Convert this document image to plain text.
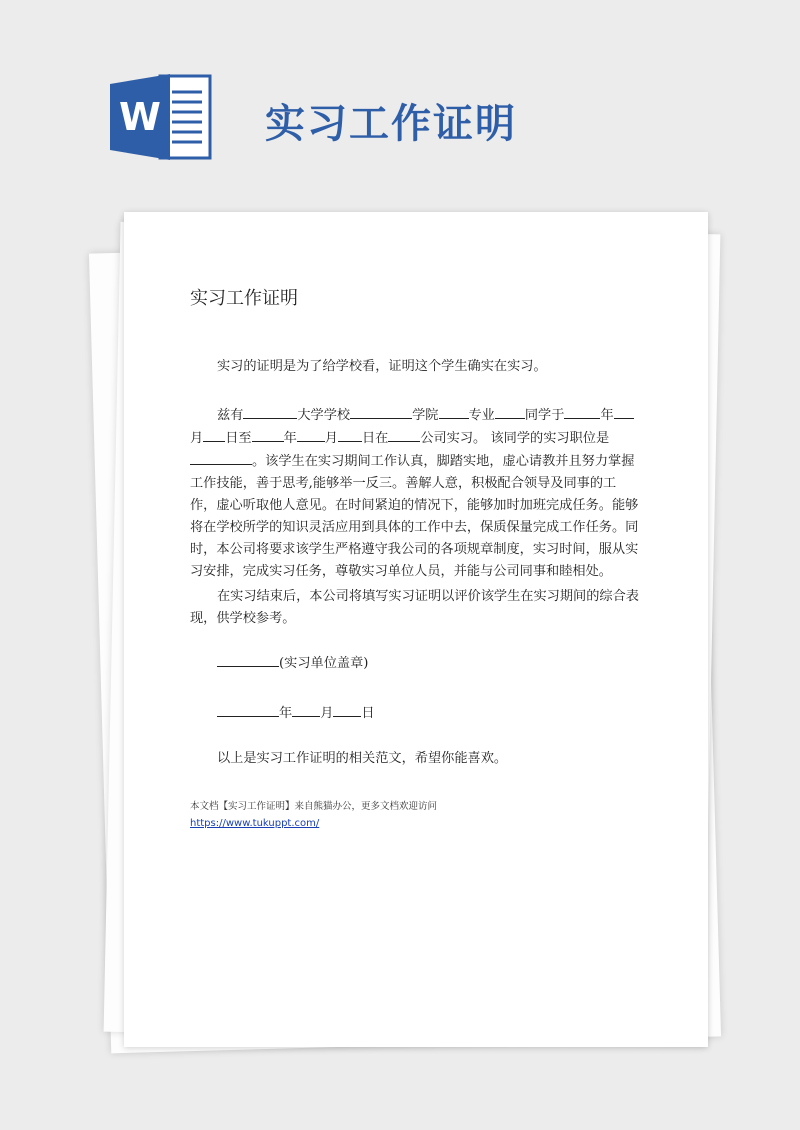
W	实习工作证明
实习工作证明
实习的证明是为了给学校看，证明这个学生确实在实习。
兹有	大学学校	学院 专业 同学于	年月 日至 年 月 日在 公司实习。 该同学的实习职位是。该学生在实习期间工作认真，脚踏实地，虚心请教并且努力掌握工作技能，善于思考,能够举一反三。善解人意，积极配合领导及同事的工作，虚心听取他人意见。在时间紧迫的情况下，能够加时加班完成任务。能够将在学校所学的知识灵活应用到具体的工作中去，保质保量完成工作任务。同时，本公司将要求该学生严格遵守我公司的各项规章制度，实习时间，服从实习安排，完成实习任务，尊敬实习单位人员，并能与公司同事和睦相处。
在实习结束后，本公司将填写实习证明以评价该学生在实习期间的综合表现，供学校参考。
(实习单位盖章)
年 月 日
以上是实习工作证明的相关范文，希望你能喜欢。
本文档【实习工作证明】来自熊猫办公，更多文档欢迎访问
https://www.tukuppt.com/
